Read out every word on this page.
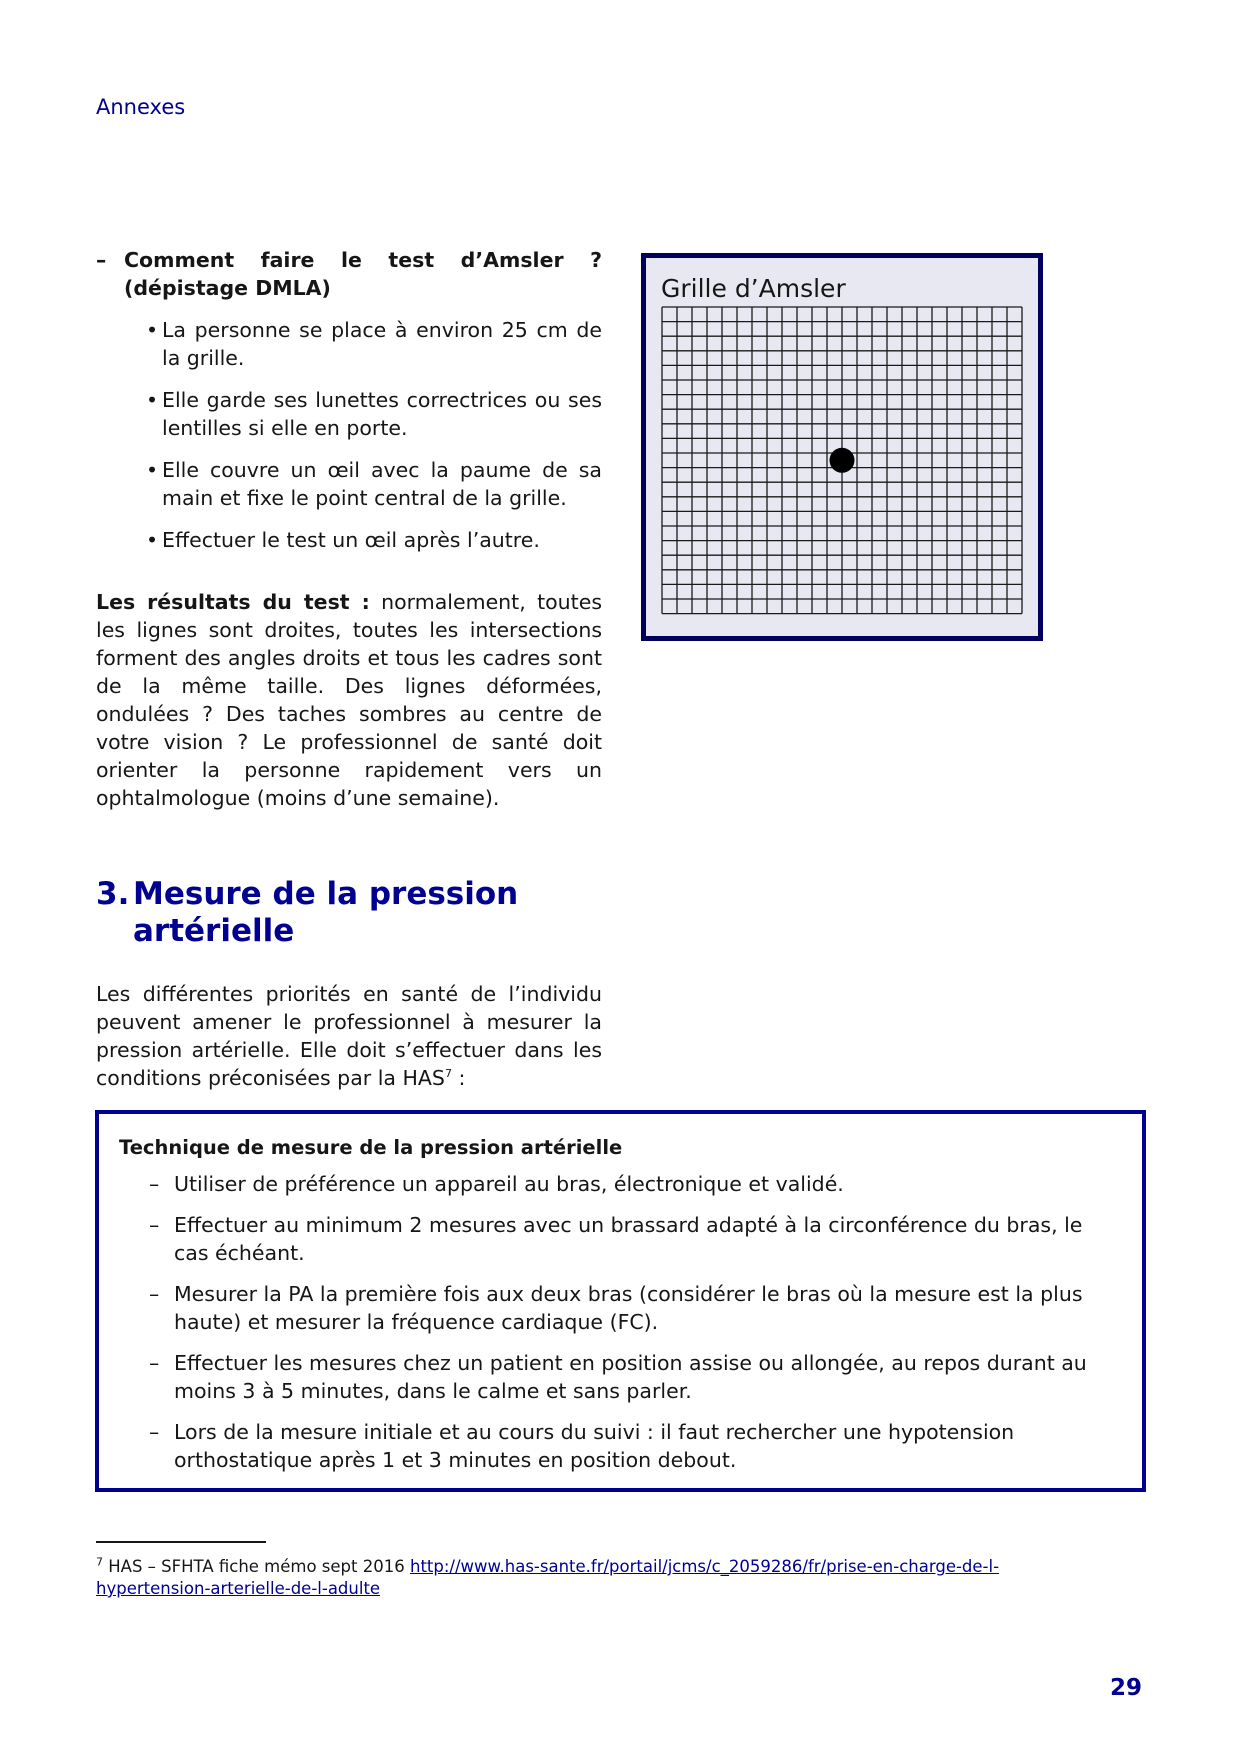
Annexes
– Comment faire le test d’Amsler ? (dépistage DMLA)
• La personne se place à environ 25 cm de la grille.
• Elle garde ses lunettes correctrices ou ses lentilles si elle en porte.
• Elle couvre un œil avec la paume de sa main et fixe le point central de la grille.
• Effectuer le test un œil après l’autre.
Les résultats du test : normalement, toutes les lignes sont droites, toutes les intersections forment des angles droits et tous les cadres sont de la même taille. Des lignes déformées, ondulées ? Des taches sombres au centre de votre vision ? Le professionnel de santé doit orienter la personne rapidement vers un ophtalmologue (moins d’une semaine).
Grille d’Amsler
3. Mesure de la pression
artérielle
Les différentes priorités en santé de l’individu peuvent amener le professionnel à mesurer la pression artérielle. Elle doit s’effectuer dans les conditions préconisées par la HAS$^7$ :
Technique de mesure de la pression artérielle
– Utiliser de préférence un appareil au bras, électronique et validé.
– Effectuer au minimum 2 mesures avec un brassard adapté à la circonférence du bras, le cas échéant.
– Mesurer la PA la première fois aux deux bras (considérer le bras où la mesure est la plus haute) et mesurer la fréquence cardiaque (FC).
– Effectuer les mesures chez un patient en position assise ou allongée, au repos durant au moins 3 à 5 minutes, dans le calme et sans parler.
– Lors de la mesure initiale et au cours du suivi : il faut rechercher une hypotension orthostatique après 1 et 3 minutes en position debout.
$^7$ HAS – SFHTA fiche mémo sept 2016 http://www.has-sante.fr/portail/jcms/c_2059286/fr/prise-en-charge-de-l-hypertension-arterielle-de-l-adulte
29
